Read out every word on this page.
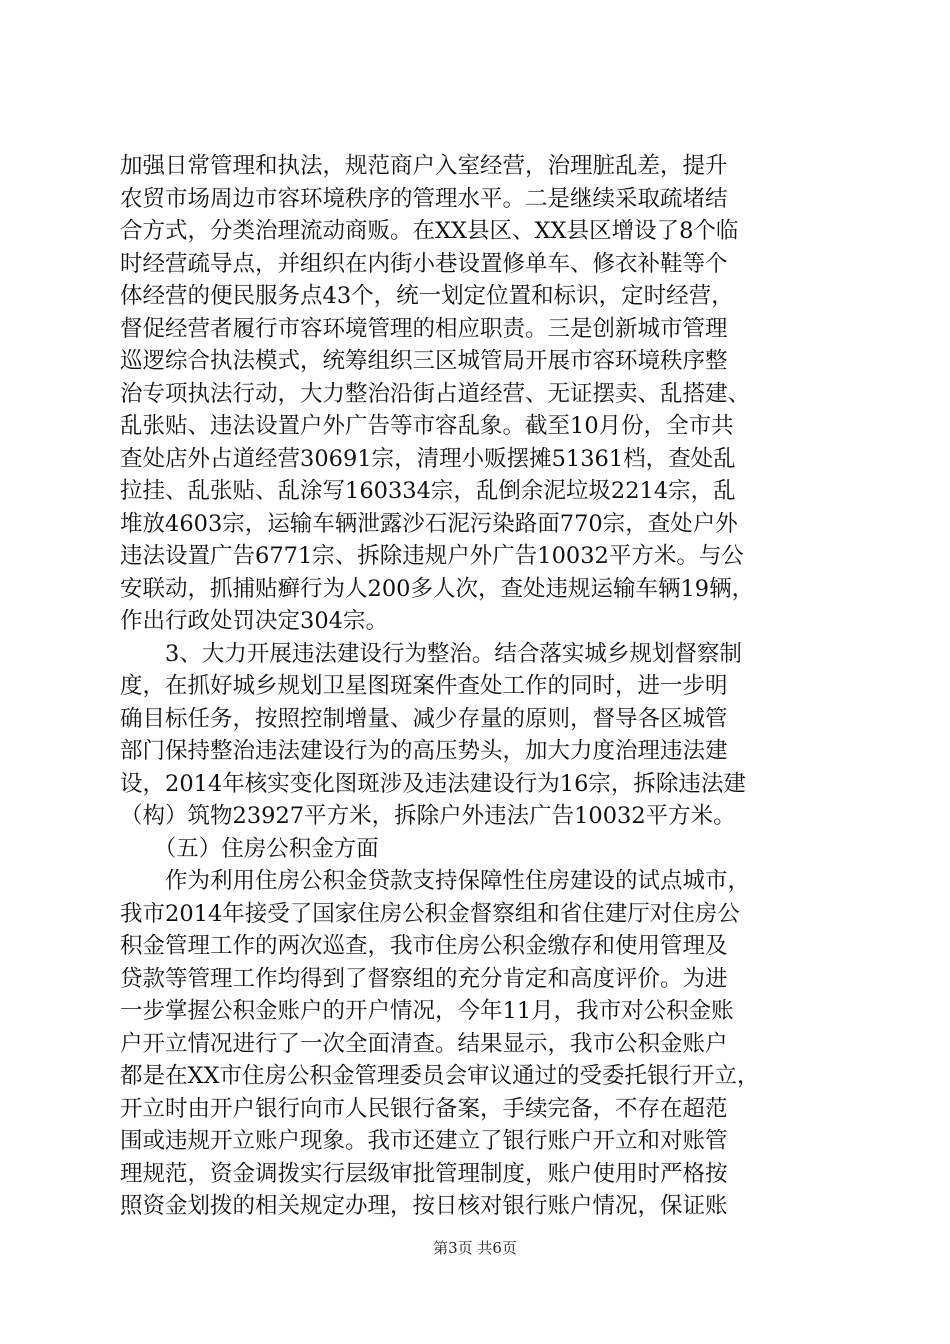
加强日常管理和执法，规范商户入室经营，治理脏乱差，提升
农贸市场周边市容环境秩序的管理水平。二是继续采取疏堵结
合方式，分类治理流动商贩。在XX县区、XX县区增设了8个临
时经营疏导点，并组织在内街小巷设置修单车、修衣补鞋等个
体经营的便民服务点43个，统一划定位置和标识，定时经营，
督促经营者履行市容环境管理的相应职责。三是创新城市管理
巡逻综合执法模式，统筹组织三区城管局开展市容环境秩序整
治专项执法行动，大力整治沿街占道经营、无证摆卖、乱搭建、
乱张贴、违法设置户外广告等市容乱象。截至10月份，全市共
查处店外占道经营30691宗，清理小贩摆摊51361档，查处乱
拉挂、乱张贴、乱涂写160334宗，乱倒余泥垃圾2214宗，乱
堆放4603宗，运输车辆泄露沙石泥污染路面770宗，查处户外
违法设置广告6771宗、拆除违规户外广告10032平方米。与公
安联动，抓捕贴癣行为人200多人次，查处违规运输车辆19辆，
作出行政处罚决定304宗。
　　3、大力开展违法建设行为整治。结合落实城乡规划督察制
度，在抓好城乡规划卫星图斑案件查处工作的同时，进一步明
确目标任务，按照控制增量、减少存量的原则，督导各区城管
部门保持整治违法建设行为的高压势头，加大力度治理违法建
设，2014年核实变化图斑涉及违法建设行为16宗，拆除违法建
（构）筑物23927平方米，拆除户外违法广告10032平方米。
　　（五）住房公积金方面
　　作为利用住房公积金贷款支持保障性住房建设的试点城市，
我市2014年接受了国家住房公积金督察组和省住建厅对住房公
积金管理工作的两次巡查，我市住房公积金缴存和使用管理及
贷款等管理工作均得到了督察组的充分肯定和高度评价。为进
一步掌握公积金账户的开户情况，今年11月，我市对公积金账
户开立情况进行了一次全面清查。结果显示，我市公积金账户
都是在XX市住房公积金管理委员会审议通过的受委托银行开立，
开立时由开户银行向市人民银行备案，手续完备，不存在超范
围或违规开立账户现象。我市还建立了银行账户开立和对账管
理规范，资金调拨实行层级审批管理制度，账户使用时严格按
照资金划拨的相关规定办理，按日核对银行账户情况，保证账
第3页 共6页
